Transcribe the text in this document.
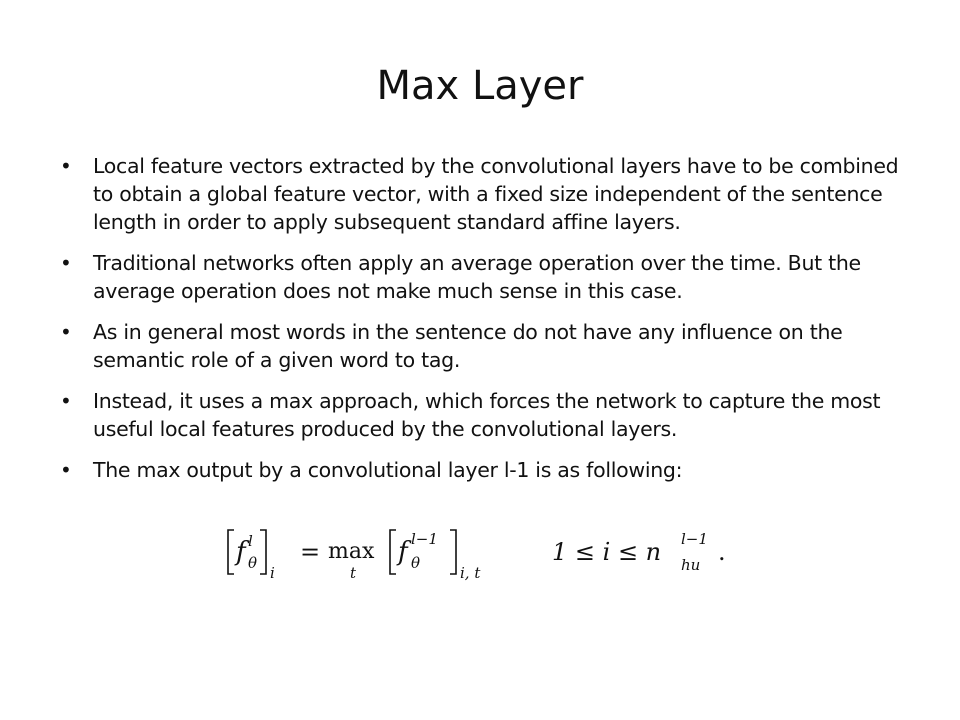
Max Layer
•	Local feature vectors extracted by the convolutional layers have to be combined to obtain a global feature vector, with a fixed size independent of the sentence length in order to apply subsequent standard affine layers.
•	Traditional networks often apply an average operation over the time. But the average operation does not make much sense in this case.
•	As in general most words in the sentence do not have any influence on the semantic role of a given word to tag.
•	Instead, it uses a max approach, which forces the network to capture the most useful local features produced by the convolutional layers.
•	The max output by a convolutional layer l-1 is as following:
f l
θ
i
= max
t
f l−1
θ
i, t
1 ≤ i ≤ n l−1
hu .
